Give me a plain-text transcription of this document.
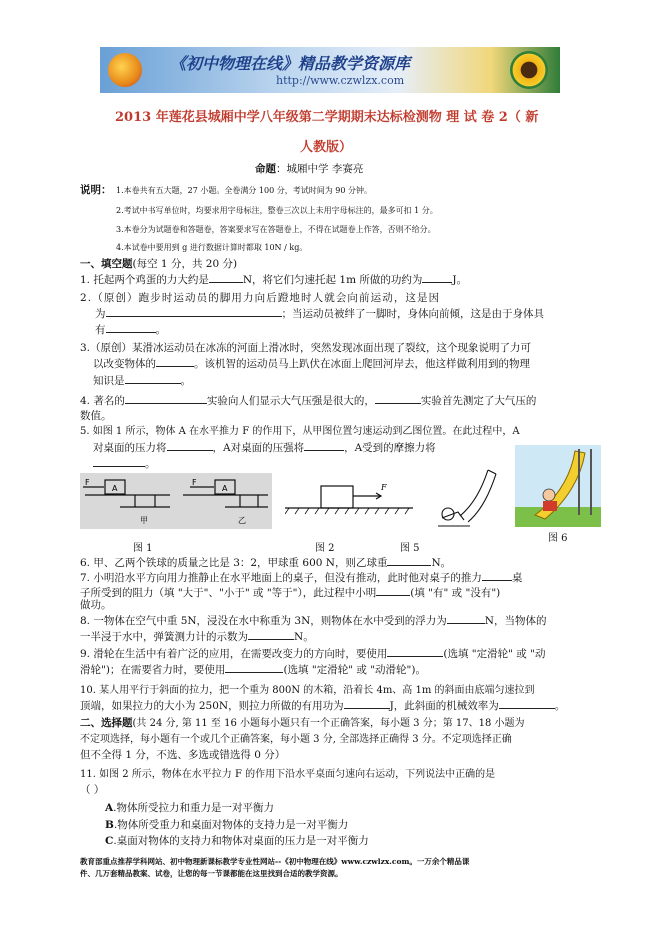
《初中物理在线》精品教学资源库
http://www.czwlzx.com
2013 年莲花县城厢中学八年级第二学期期末达标检测物 理 试 卷 2（ 新
人教版）
命题：城厢中学 李赛亮
说明： 1.本卷共有五大题，27 小题。全卷满分 100 分，考试时间为 90 分钟。
2.考试中书写单位时，均要求用字母标注，整卷三次以上未用字母标注的，最多可扣 1 分。
3.本卷分为试题卷和答题卷，答案要求写在答题卷上，不得在试题卷上作答，否则不给分。
4.本试卷中要用到 g 进行数据计算时都取 10N / kg。
一、填空题(每空 1 分，共 20 分)
1. 托起两个鸡蛋的力大约是	N，将它们匀速托起 1m 所做的功约为	J。
2.（原创）跑步时运动员的脚用力向后蹬地时人就会向前运动，这是因
为	；当运动员被绊了一脚时，身体向前倾，这是由于身体具
有	。
3.（原创）某滑冰运动员在冰冻的河面上滑冰时，突然发现冰面出现了裂纹，这个现象说明了力可
以改变物体的	。该机智的运动员马上趴伏在冰面上爬回河岸去，他这样做利用到的物理
知识是	。
4. 著名的	实验向人们显示大气压强是很大的，	实验首先测定了大气压的
数值。
5. 如图 1 所示，物体 A 在水平推力 F 的作用下，从甲图位置匀速运动到乙图位置。在此过程中，A
对桌面的压力将	，A对桌面的压强将	，A受到的摩擦力将
。
F
A
F
A
甲	乙
F
图 1	图 2	图 5
图 6
6. 甲、乙两个铁球的质量之比是 3：2，甲球重 600 N，则乙球重	N。
7. 小明沿水平方向用力推静止在水平地面上的桌子，但没有推动，此时他对桌子的推力	桌
子所受到的阻力（填 "大于"、"小于" 或 "等于"），此过程中小明	(填 "有" 或 "没有")
做功。
8. 一物体在空气中重 5N，浸没在水中称重为 3N，则物体在水中受到的浮力为	N，当物体的
一半浸于水中，弹簧测力计的示数为	N。
9. 滑轮在生活中有着广泛的应用，在需要改变力的方向时，要使用	(选填 "定滑轮" 或 "动
滑轮")；在需要省力时，要使用	(选填 "定滑轮" 或 "动滑轮")。
10. 某人用平行于斜面的拉力，把一个重为 800N 的木箱，沿着长 4m、高 1m 的斜面由底端匀速拉到
顶端，如果拉力的大小为 250N，则拉力所做的有用功为	J，此斜面的机械效率为	。
二、选择题(共 24 分, 第 11 至 16 小题每小题只有一个正确答案，每小题 3 分；第 17、18 小题为
不定项选择，每小题有一个或几个正确答案，每小题 3 分, 全部选择正确得 3 分。不定项选择正确
但不全得 1 分，不选、多选或错选得 0 分）
11. 如图 2 所示，物体在水平拉力 F 的作用下沿水平桌面匀速向右运动，下列说法中正确的是
（ ）
A.物体所受拉力和重力是一对平衡力
B.物体所受重力和桌面对物体的支持力是一对平衡力
C.桌面对物体的支持力和物体对桌面的压力是一对平衡力
教育部重点推荐学科网站、初中物理新课标教学专业性网站--《初中物理在线》www.czwlzx.com。一万余个精品课
件、几万套精品教案、试卷，让您的每一节课都能在这里找到合适的教学资源。
